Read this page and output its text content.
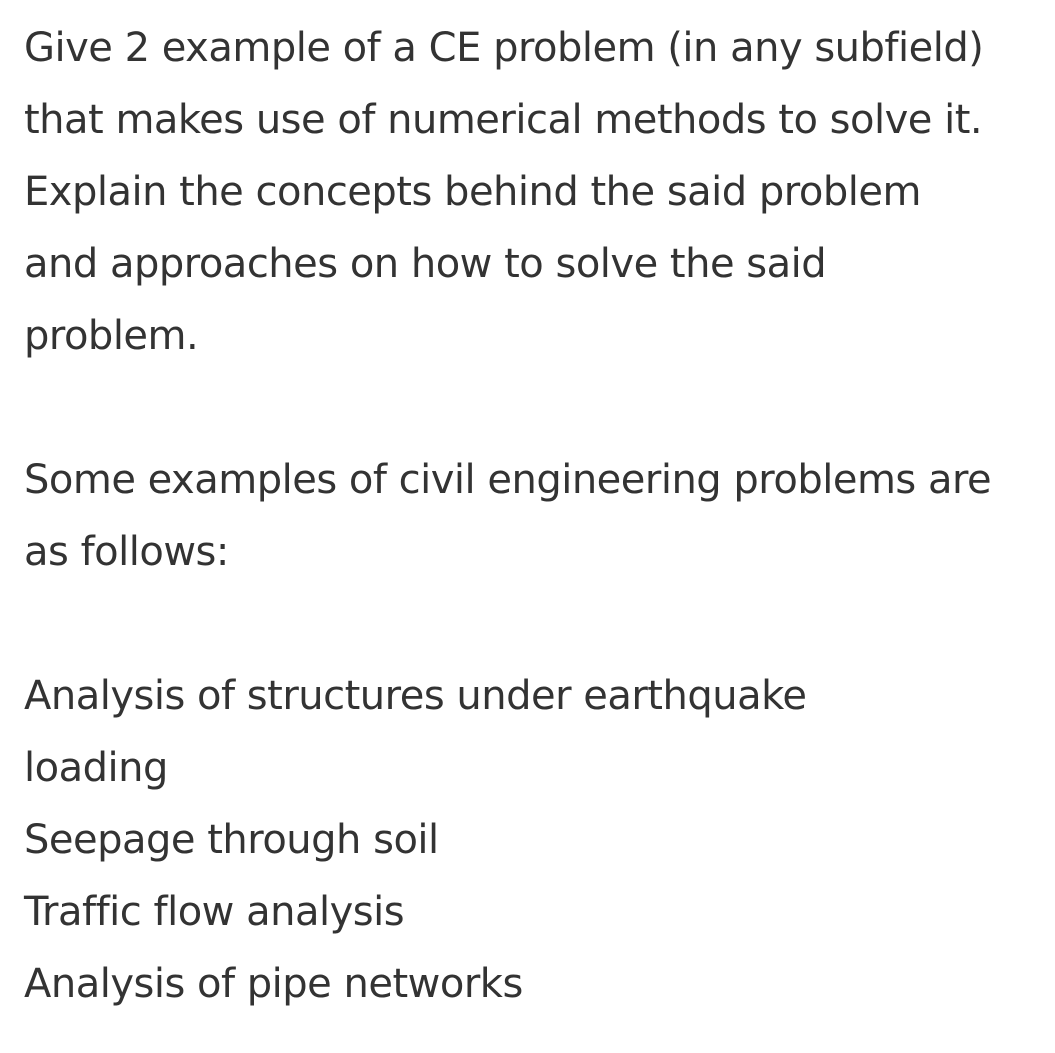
Give 2 example of a CE problem (in any subfield) that makes use of numerical methods to solve it. Explain the concepts behind the said problem and approaches on how to solve the said problem.

Some examples of civil engineering problems are as follows:

Analysis of structures under earthquake loading
Seepage through soil
Traffic flow analysis
Analysis of pipe networks
